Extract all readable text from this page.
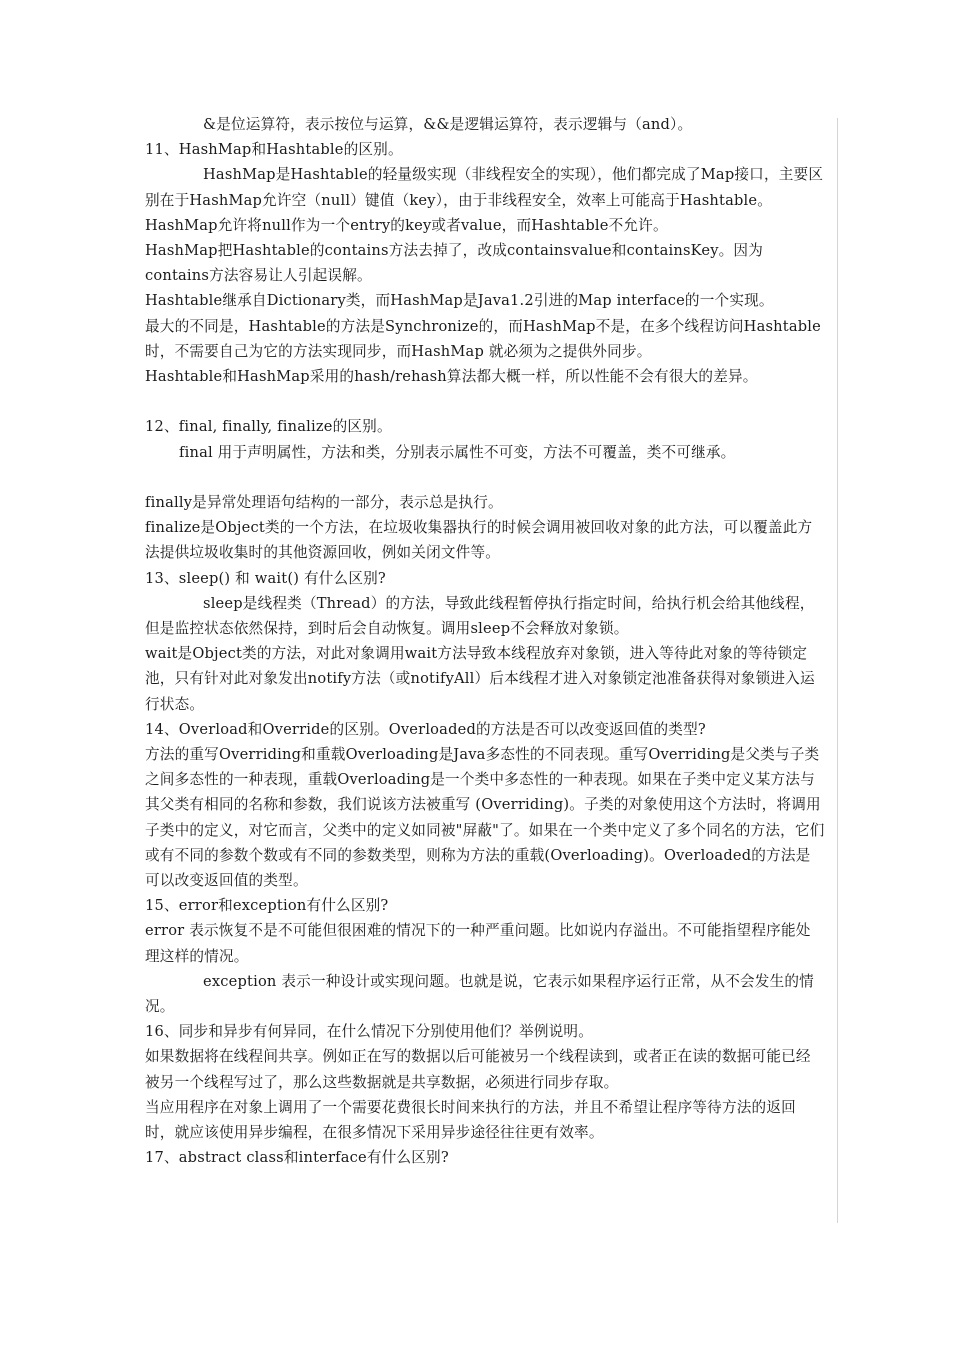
&是位运算符，表示按位与运算，&&是逻辑运算符，表示逻辑与（and）。

11、HashMap和Hashtable的区别。

HashMap是Hashtable的轻量级实现（非线程安全的实现），他们都完成了Map接口，主要区别在于HashMap允许空（null）键值（key），由于非线程安全，效率上可能高于Hashtable。

HashMap允许将null作为一个entry的key或者value，而Hashtable不允许。

HashMap把Hashtable的contains方法去掉了，改成containsvalue和containsKey。因为contains方法容易让人引起误解。

Hashtable继承自Dictionary类，而HashMap是Java1.2引进的Map interface的一个实现。

最大的不同是，Hashtable的方法是Synchronize的，而HashMap不是，在多个线程访问Hashtable时，不需要自己为它的方法实现同步，而HashMap 就必须为之提供外同步。

Hashtable和HashMap采用的hash/rehash算法都大概一样，所以性能不会有很大的差异。

12、final, finally, finalize的区别。

final 用于声明属性，方法和类，分别表示属性不可变，方法不可覆盖，类不可继承。

finally是异常处理语句结构的一部分，表示总是执行。

finalize是Object类的一个方法，在垃圾收集器执行的时候会调用被回收对象的此方法，可以覆盖此方法提供垃圾收集时的其他资源回收，例如关闭文件等。

13、sleep() 和 wait() 有什么区别?

sleep是线程类（Thread）的方法，导致此线程暂停执行指定时间，给执行机会给其他线程，但是监控状态依然保持，到时后会自动恢复。调用sleep不会释放对象锁。

wait是Object类的方法，对此对象调用wait方法导致本线程放弃对象锁，进入等待此对象的等待锁定池，只有针对此对象发出notify方法（或notifyAll）后本线程才进入对象锁定池准备获得对象锁进入运行状态。

14、Overload和Override的区别。Overloaded的方法是否可以改变返回值的类型?

方法的重写Overriding和重载Overloading是Java多态性的不同表现。重写Overriding是父类与子类之间多态性的一种表现，重载Overloading是一个类中多态性的一种表现。如果在子类中定义某方法与其父类有相同的名称和参数，我们说该方法被重写 (Overriding)。子类的对象使用这个方法时，将调用子类中的定义，对它而言，父类中的定义如同被"屏蔽"了。如果在一个类中定义了多个同名的方法，它们或有不同的参数个数或有不同的参数类型，则称为方法的重载(Overloading)。Overloaded的方法是可以改变返回值的类型。

15、error和exception有什么区别?

error 表示恢复不是不可能但很困难的情况下的一种严重问题。比如说内存溢出。不可能指望程序能处理这样的情况。

exception 表示一种设计或实现问题。也就是说，它表示如果程序运行正常，从不会发生的情况。

16、同步和异步有何异同，在什么情况下分别使用他们？举例说明。

如果数据将在线程间共享。例如正在写的数据以后可能被另一个线程读到，或者正在读的数据可能已经被另一个线程写过了，那么这些数据就是共享数据，必须进行同步存取。

当应用程序在对象上调用了一个需要花费很长时间来执行的方法，并且不希望让程序等待方法的返回时，就应该使用异步编程，在很多情况下采用异步途径往往更有效率。

17、abstract class和interface有什么区别?
